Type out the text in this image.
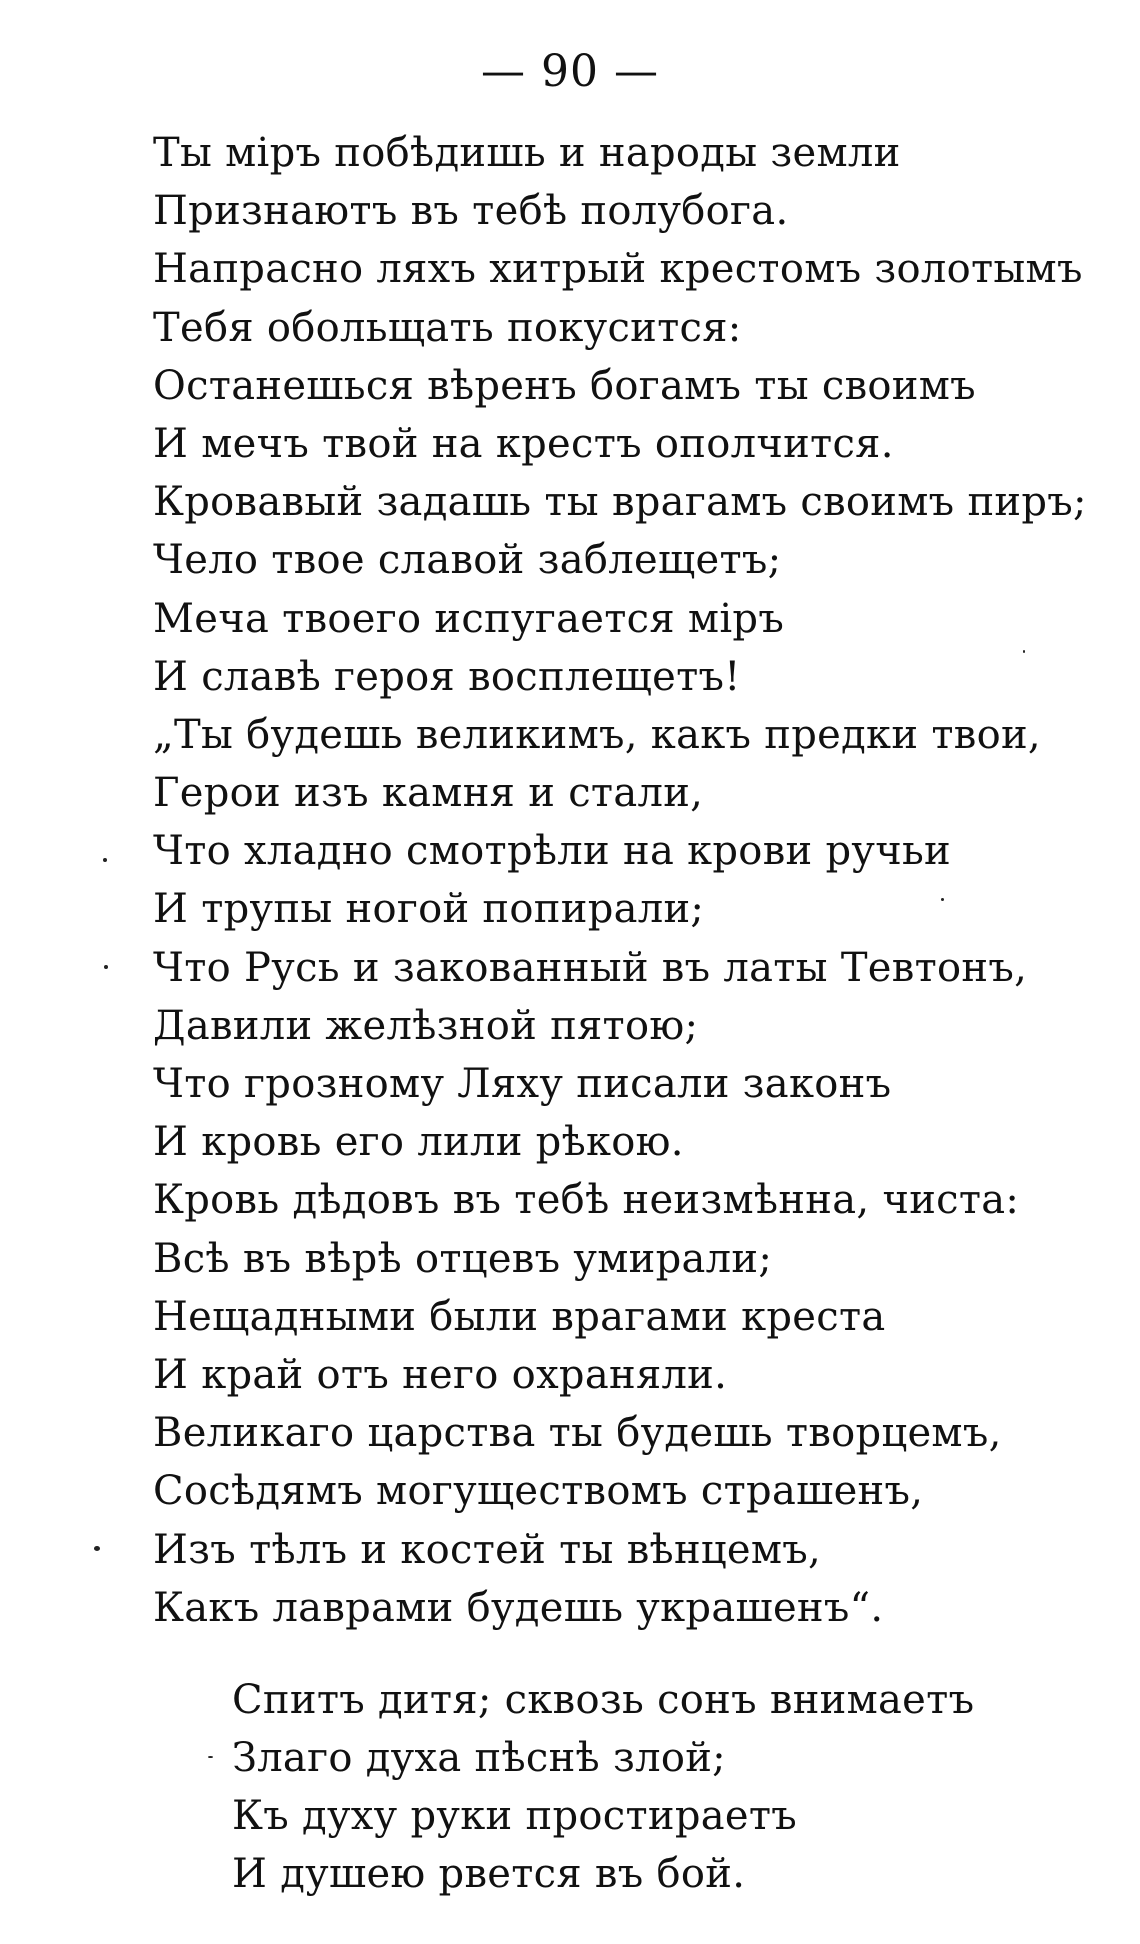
— 90 —
Ты міръ побѣдишь и народы земли
Признаютъ въ тебѣ полубога.
Напрасно ляхъ хитрый крестомъ золотымъ
Тебя обольщать покусится:
Останешься вѣренъ богамъ ты своимъ
И мечъ твой на крестъ ополчится.
Кровавый задашь ты врагамъ своимъ пиръ;
Чело твое славой заблещетъ;
Меча твоего испугается міръ
И славѣ героя восплещетъ!
„Ты будешь великимъ, какъ предки твои,
Герои изъ камня и стали,
Что хладно смотрѣли на крови ручьи
И трупы ногой попирали;
Что Русь и закованный въ латы Тевтонъ,
Давили желѣзной пятою;
Что грозному Ляху писали законъ
И кровь его лили рѣкою.
Кровь дѣдовъ въ тебѣ неизмѣнна, чиста:
Всѣ въ вѣрѣ отцевъ умирали;
Нещадными были врагами креста
И край отъ него охраняли.
Великаго царства ты будешь творцемъ,
Сосѣдямъ могуществомъ страшенъ,
Изъ тѣлъ и костей ты вѣнцемъ,
Какъ лаврами будешь украшенъ“.
Спитъ дитя; сквозь сонъ внимаетъ
Злаго духа пѣснѣ злой;
Къ духу руки простираетъ
И душею рвется въ бой.
